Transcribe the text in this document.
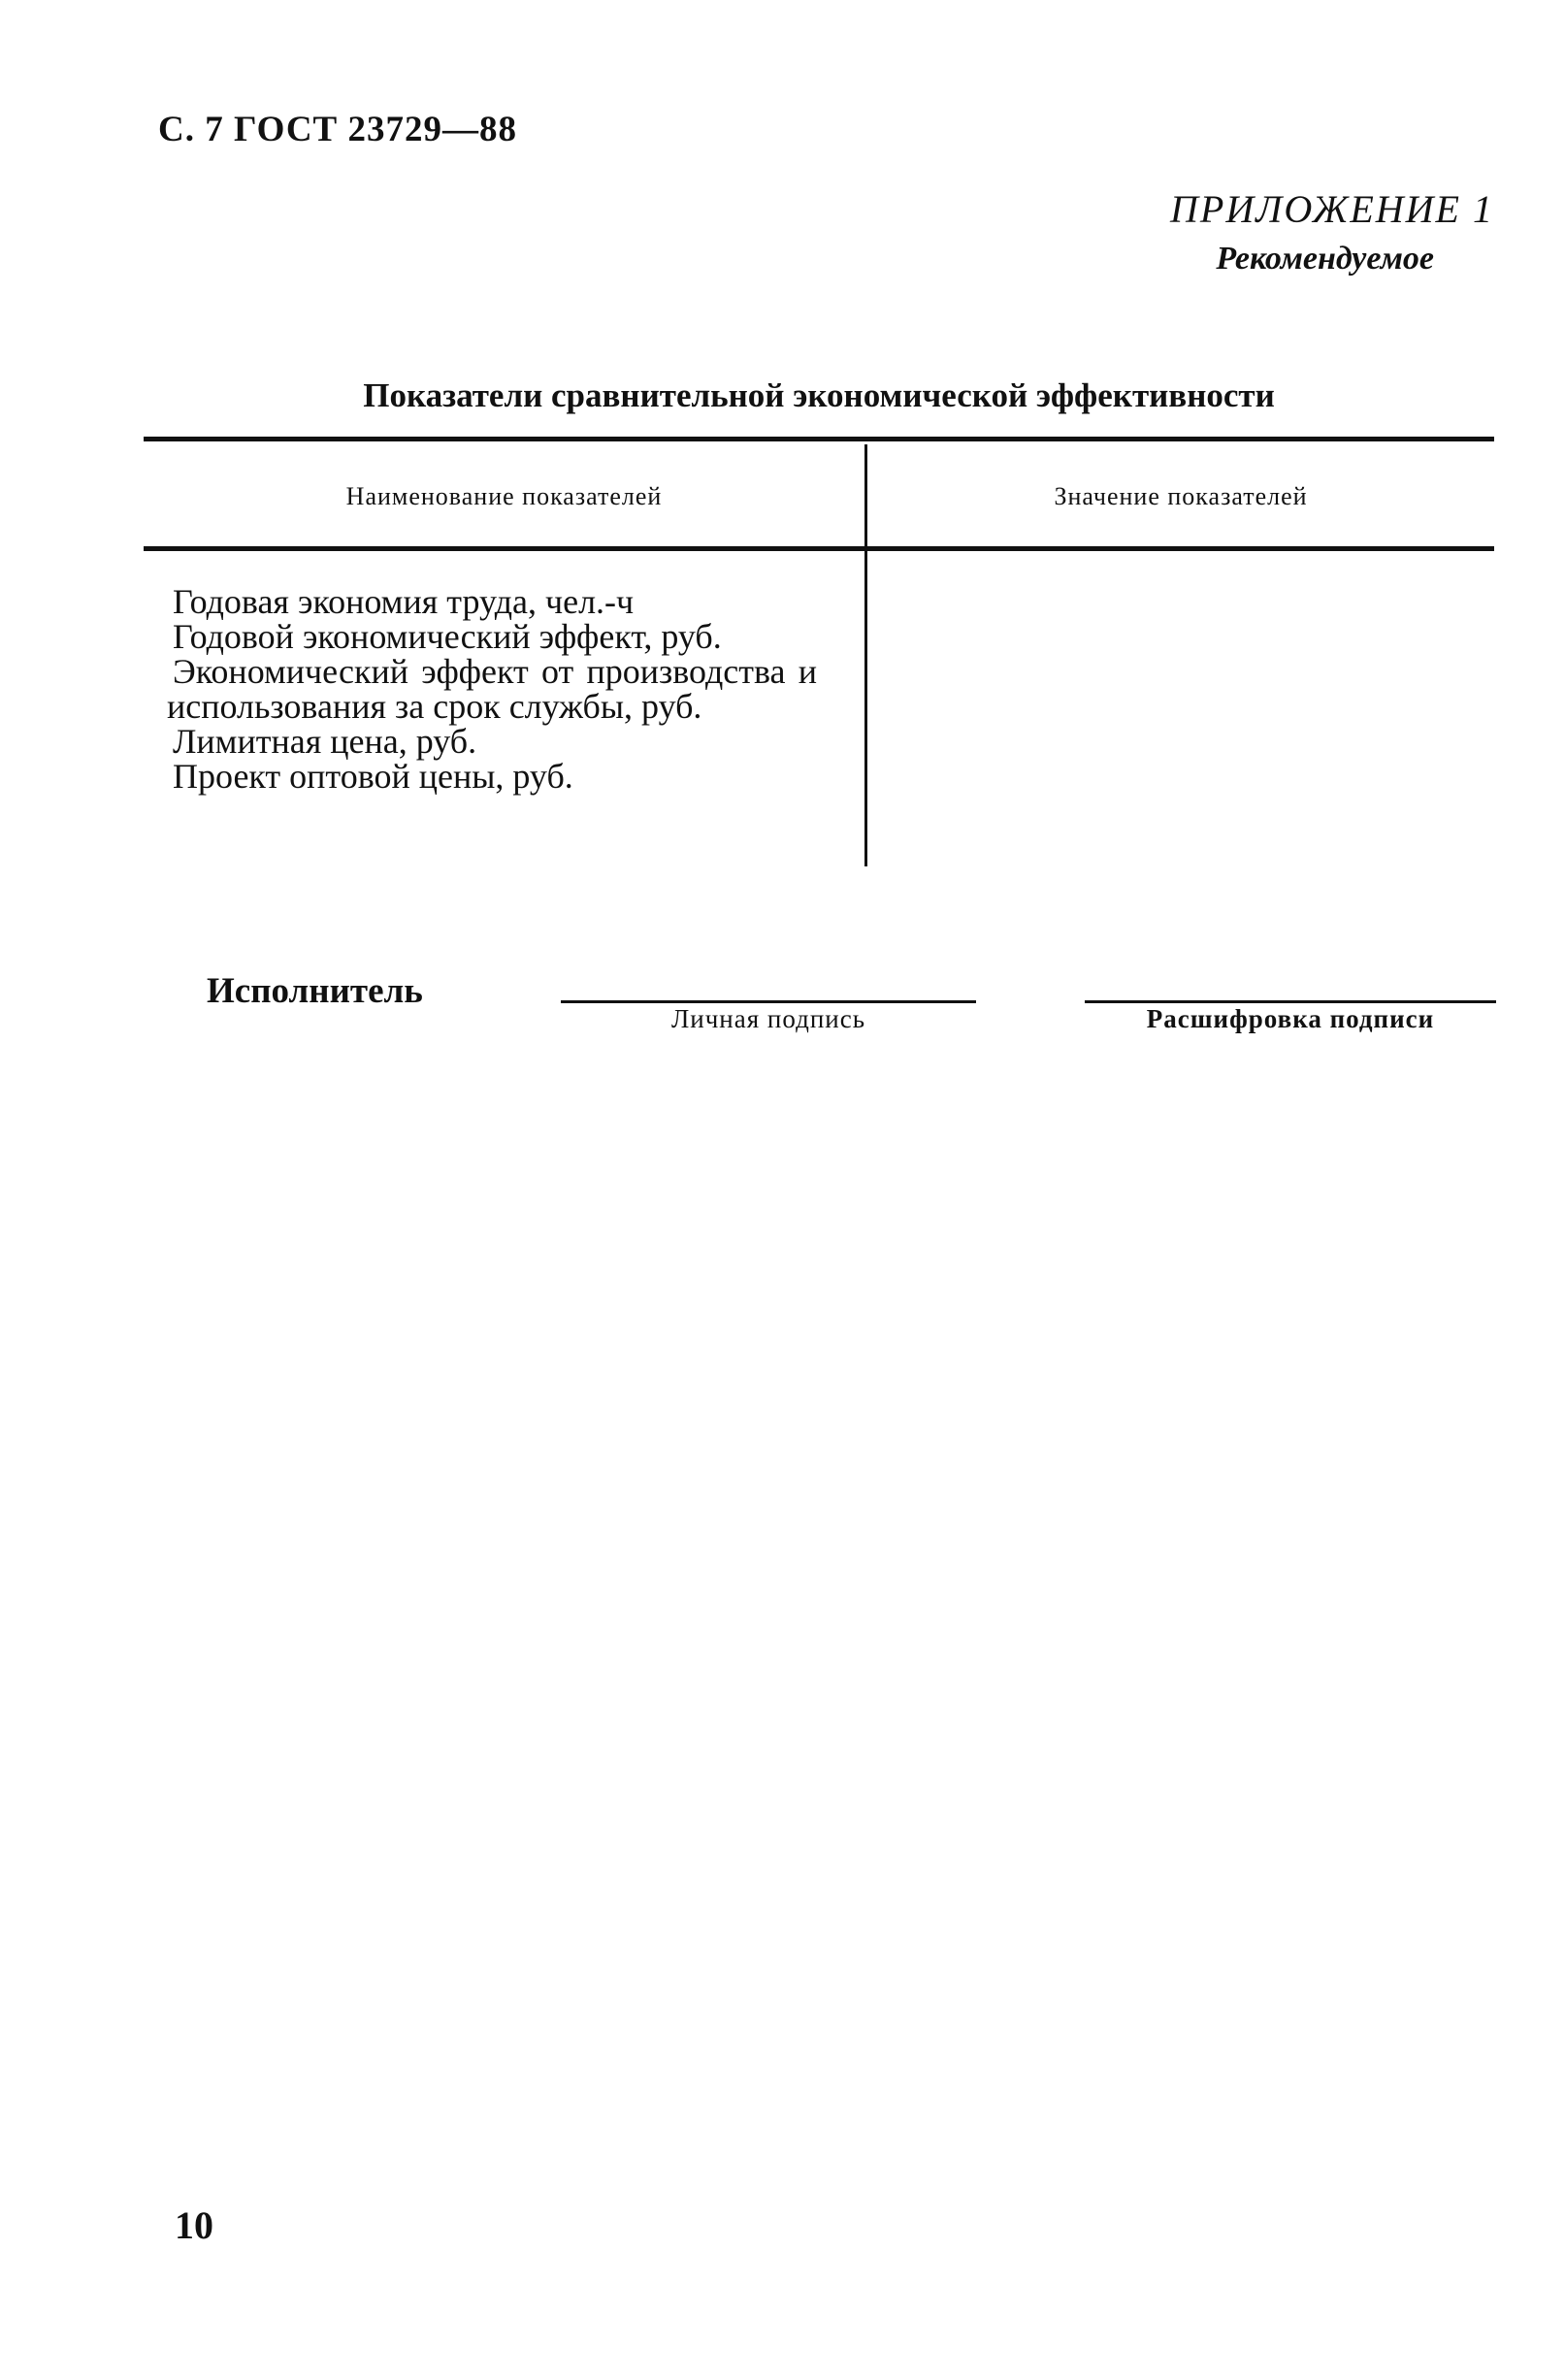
С. 7 ГОСТ 23729—88
ПРИЛОЖЕНИЕ 1
Рекомендуемое
Показатели сравнительной экономической эффективности
Наименование показателей	Значение показателей
Годовая экономия труда, чел.-ч
Годовой экономический эффект, руб.
Экономический эффект от производства и использования за срок службы, руб.
Лимитная цена, руб.
Проект оптовой цены, руб.
Исполнитель
Личная подпись	Расшифровка подписи
10
